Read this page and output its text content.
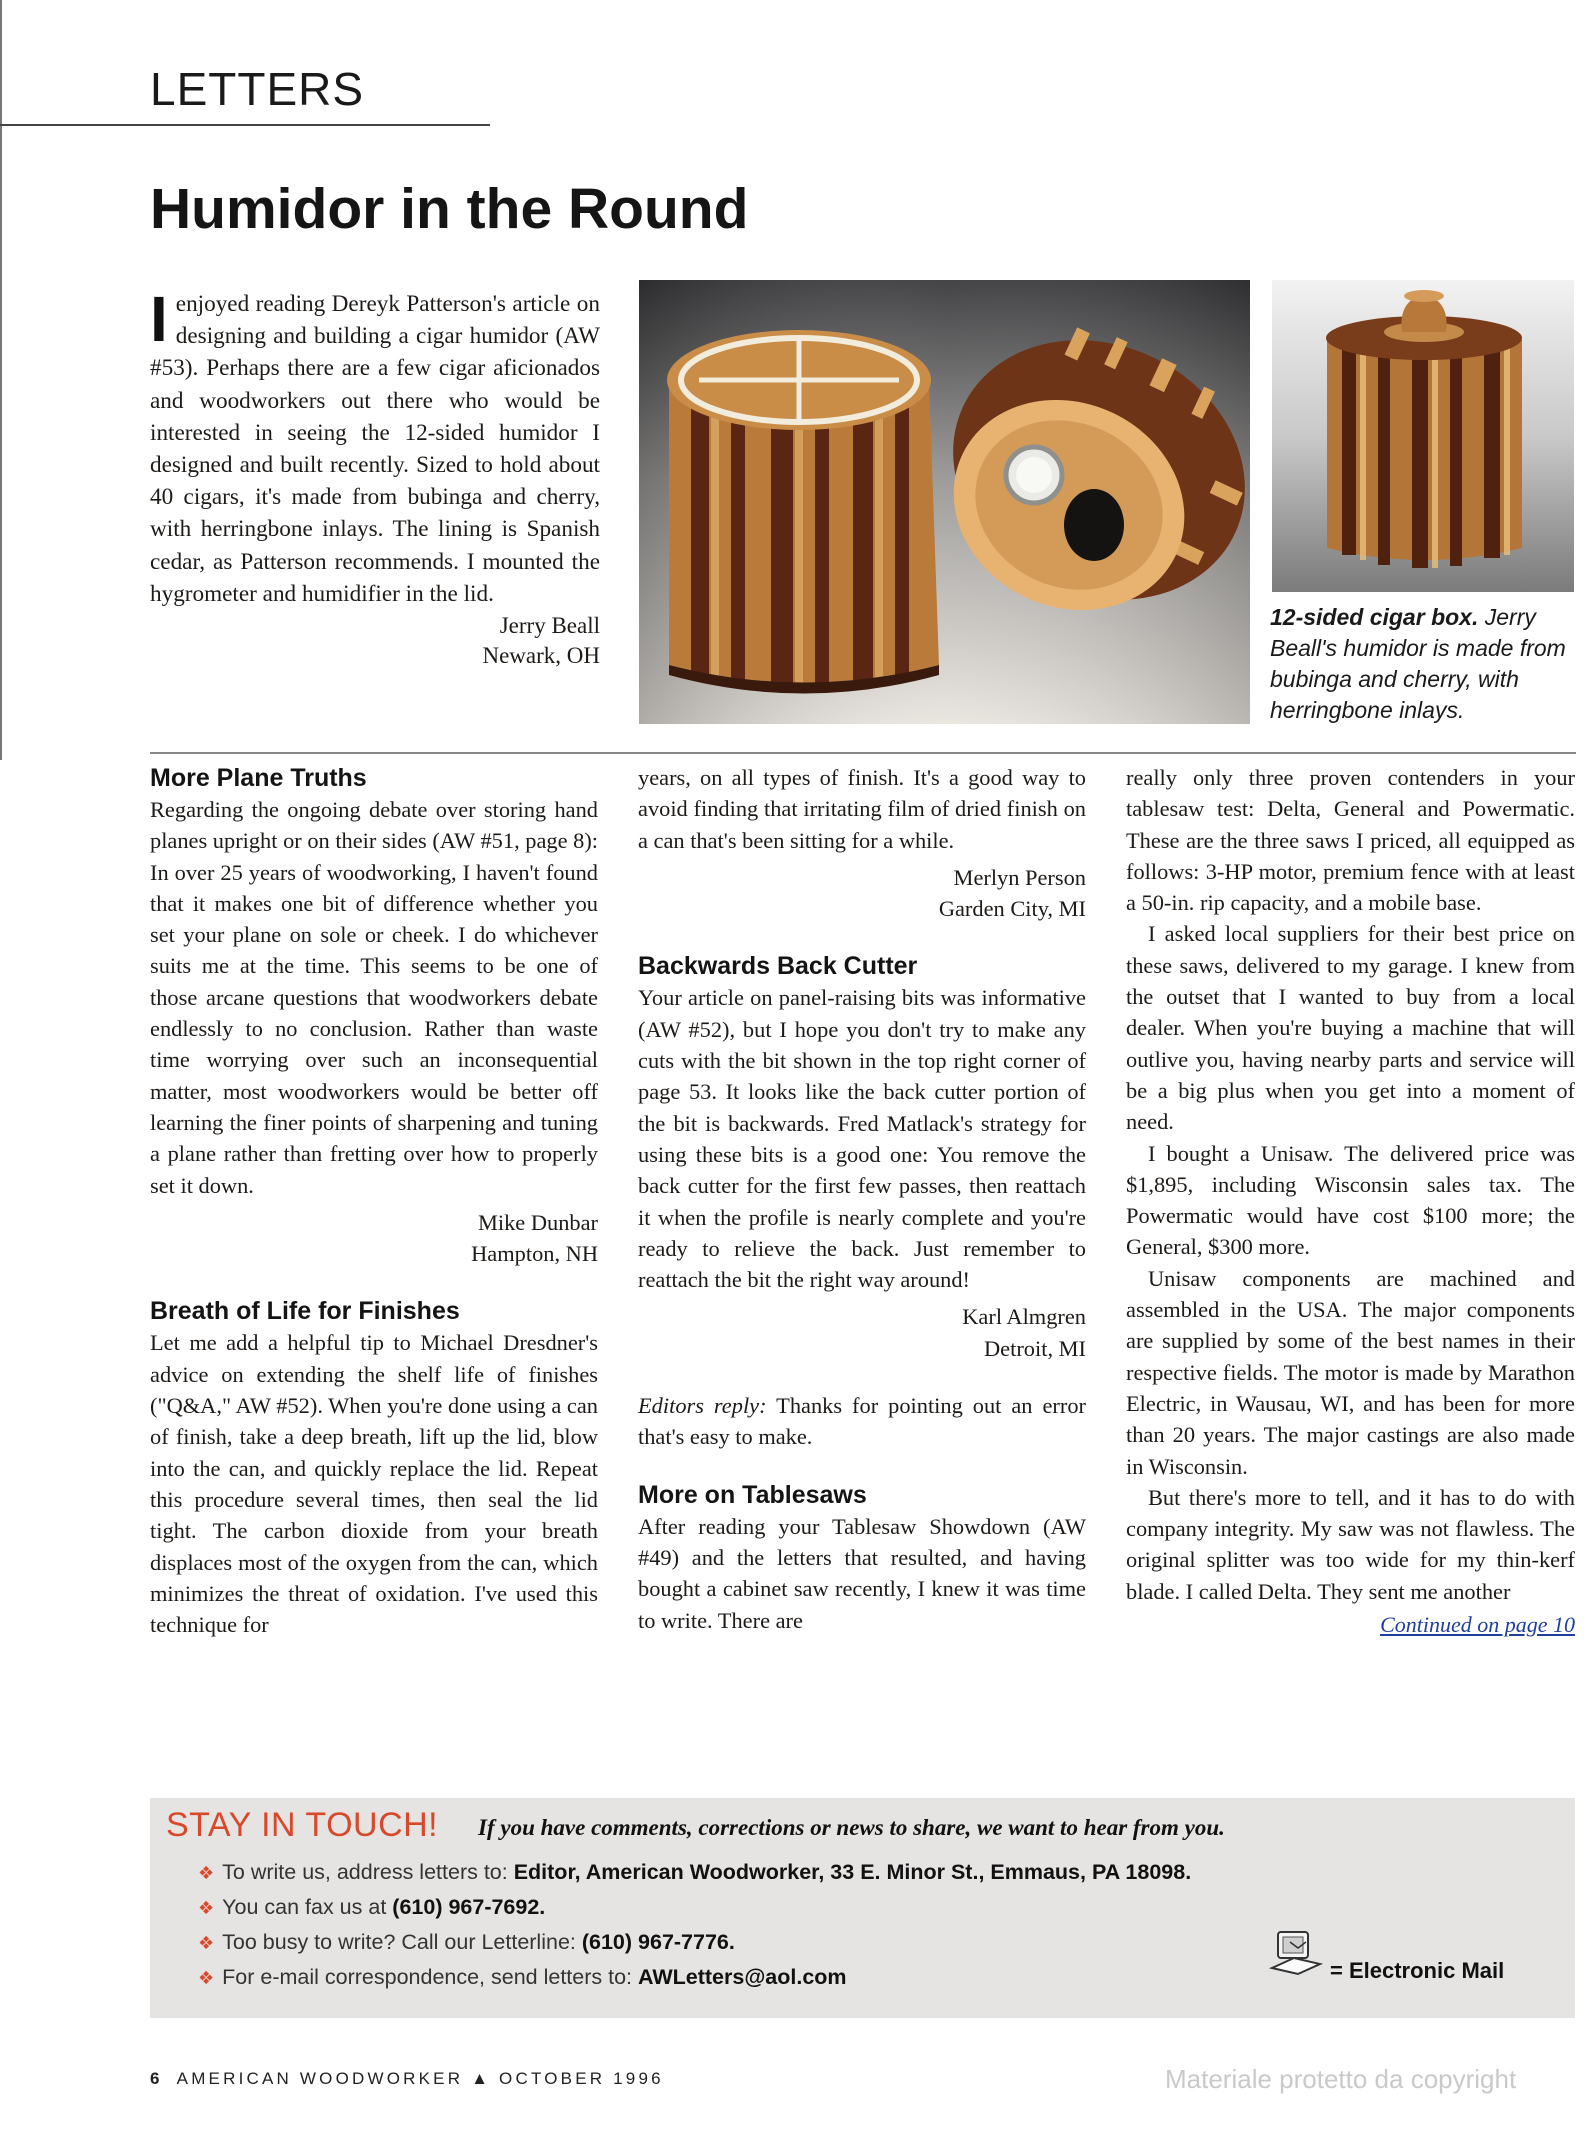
LETTERS
Humidor in the Round
Ienjoyed reading Dereyk Patterson's article on designing and building a cigar humidor (AW #53). Perhaps there are a few cigar aficionados and woodworkers out there who would be interested in seeing the 12-sided humidor I designed and built recently. Sized to hold about 40 cigars, it's made from bubinga and cherry, with herringbone inlays. The lining is Spanish cedar, as Patterson recommends. I mounted the hygrometer and humidifier in the lid.
Jerry Beall
Newark, OH
12-sided cigar box. Jerry Beall's humidor is made from bubinga and cherry, with herringbone inlays.
More Plane Truths

Regarding the ongoing debate over storing hand planes upright or on their sides (AW #51, page 8): In over 25 years of woodworking, I haven't found that it makes one bit of difference whether you set your plane on sole or cheek. I do whichever suits me at the time. This seems to be one of those arcane questions that woodworkers debate endlessly to no conclusion. Rather than waste time worrying over such an inconsequential matter, most woodworkers would be better off learning the finer points of sharpening and tuning a plane rather than fretting over how to properly set it down.

Mike Dunbar
Hampton, NH
Breath of Life for Finishes

Let me add a helpful tip to Michael Dresdner's advice on extending the shelf life of finishes ("Q&A," AW #52). When you're done using a can of finish, take a deep breath, lift up the lid, blow into the can, and quickly replace the lid. Repeat this procedure several times, then seal the lid tight. The carbon dioxide from your breath displaces most of the oxygen from the can, which minimizes the threat of oxidation. I've used this technique for

years, on all types of finish. It's a good way to avoid finding that irritating film of dried finish on a can that's been sitting for a while.

Merlyn Person
Garden City, MI
Backwards Back Cutter

Your article on panel-raising bits was informative (AW #52), but I hope you don't try to make any cuts with the bit shown in the top right corner of page 53. It looks like the back cutter portion of the bit is backwards. Fred Matlack's strategy for using these bits is a good one: You remove the back cutter for the first few passes, then reattach it when the profile is nearly complete and you're ready to relieve the back. Just remember to reattach the bit the right way around!

Karl Almgren
Detroit, MI

Editors reply: Thanks for pointing out an error that's easy to make.

More on Tablesaws

After reading your Tablesaw Showdown (AW #49) and the letters that resulted, and having bought a cabinet saw recently, I knew it was time to write. There are

really only three proven contenders in your tablesaw test: Delta, General and Powermatic. These are the three saws I priced, all equipped as follows: 3-HP motor, premium fence with at least a 50-in. rip capacity, and a mobile base.

I asked local suppliers for their best price on these saws, delivered to my garage. I knew from the outset that I wanted to buy from a local dealer. When you're buying a machine that will outlive you, having nearby parts and service will be a big plus when you get into a moment of need.

I bought a Unisaw. The delivered price was $1,895, including Wisconsin sales tax. The Powermatic would have cost $100 more; the General, $300 more.

Unisaw components are machined and assembled in the USA. The major components are supplied by some of the best names in their respective fields. The motor is made by Marathon Electric, in Wausau, WI, and has been for more than 20 years. The major castings are also made in Wisconsin.

But there's more to tell, and it has to do with company integrity. My saw was not flawless. The original splitter was too wide for my thin-kerf blade. I called Delta. They sent me another

Continued on page 10
STAY IN TOUCH! If you have comments, corrections or news to share, we want to hear from you.
❖ To write us, address letters to: Editor, American Woodworker, 33 E. Minor St., Emmaus, PA 18098.
❖ You can fax us at (610) 967-7692.
❖ Too busy to write? Call our Letterline: (610) 967-7776.
❖ For e-mail correspondence, send letters to: AWLetters@aol.com	= Electronic Mail
6 AMERICAN WOODWORKER ▲ OCTOBER 1996	Materiale protetto da copyright
